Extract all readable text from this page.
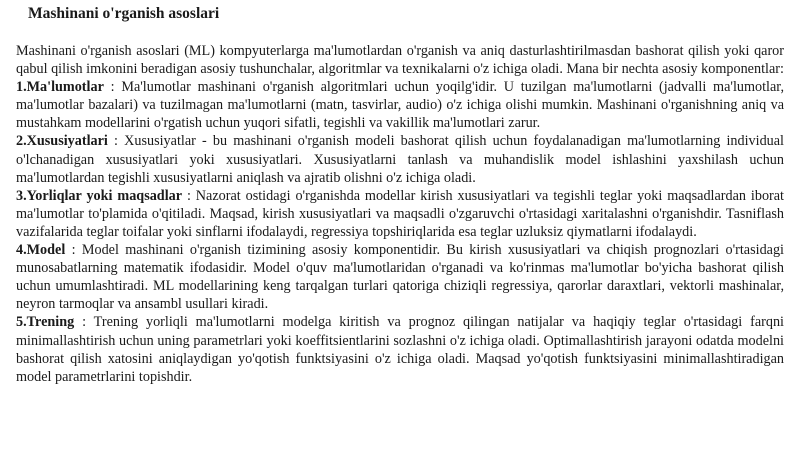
Mashinani o'rganish asoslari

Mashinani o'rganish asoslari (ML) kompyuterlarga ma'lumotlardan o'rganish va aniq dasturlashtirilmasdan bashorat qilish yoki qaror qabul qilish imkonini beradigan asosiy tushunchalar, algoritmlar va texnikalarni o'z ichiga oladi. Mana bir nechta asosiy komponentlar:

1.Ma'lumotlar : Ma'lumotlar mashinani o'rganish algoritmlari uchun yoqilg'idir. U tuzilgan ma'lumotlarni (jadvalli ma'lumotlar, ma'lumotlar bazalari) va tuzilmagan ma'lumotlarni (matn, tasvirlar, audio) o'z ichiga olishi mumkin. Mashinani o'rganishning aniq va mustahkam modellarini o'rgatish uchun yuqori sifatli, tegishli va vakillik ma'lumotlari zarur.

2.Xususiyatlari : Xususiyatlar - bu mashinani o'rganish modeli bashorat qilish uchun foydalanadigan ma'lumotlarning individual o'lchanadigan xususiyatlari yoki xususiyatlari. Xususiyatlarni tanlash va muhandislik model ishlashini yaxshilash uchun ma'lumotlardan tegishli xususiyatlarni aniqlash va ajratib olishni o'z ichiga oladi.

3.Yorliqlar yoki maqsadlar : Nazorat ostidagi o'rganishda modellar kirish xususiyatlari va tegishli teglar yoki maqsadlardan iborat ma'lumotlar to'plamida o'qitiladi. Maqsad, kirish xususiyatlari va maqsadli o'zgaruvchi o'rtasidagi xaritalashni o'rganishdir. Tasniflash vazifalarida teglar toifalar yoki sinflarni ifodalaydi, regressiya topshiriqlarida esa teglar uzluksiz qiymatlarni ifodalaydi.

4.Model : Model mashinani o'rganish tizimining asosiy komponentidir. Bu kirish xususiyatlari va chiqish prognozlari o'rtasidagi munosabatlarning matematik ifodasidir. Model o'quv ma'lumotlaridan o'rganadi va ko'rinmas ma'lumotlar bo'yicha bashorat qilish uchun umumlashtiradi. ML modellarining keng tarqalgan turlari qatoriga chiziqli regressiya, qarorlar daraxtlari, vektorli mashinalar, neyron tarmoqlar va ansambl usullari kiradi.

5.Trening : Trening yorliqli ma'lumotlarni modelga kiritish va prognoz qilingan natijalar va haqiqiy teglar o'rtasidagi farqni minimallashtirish uchun uning parametrlari yoki koeffitsientlarini sozlashni o'z ichiga oladi. Optimallashtirish jarayoni odatda modelni bashorat qilish xatosini aniqlaydigan yo'qotish funktsiyasini o'z ichiga oladi. Maqsad yo'qotish funktsiyasini minimallashtiradigan model parametrlarini topishdir.
